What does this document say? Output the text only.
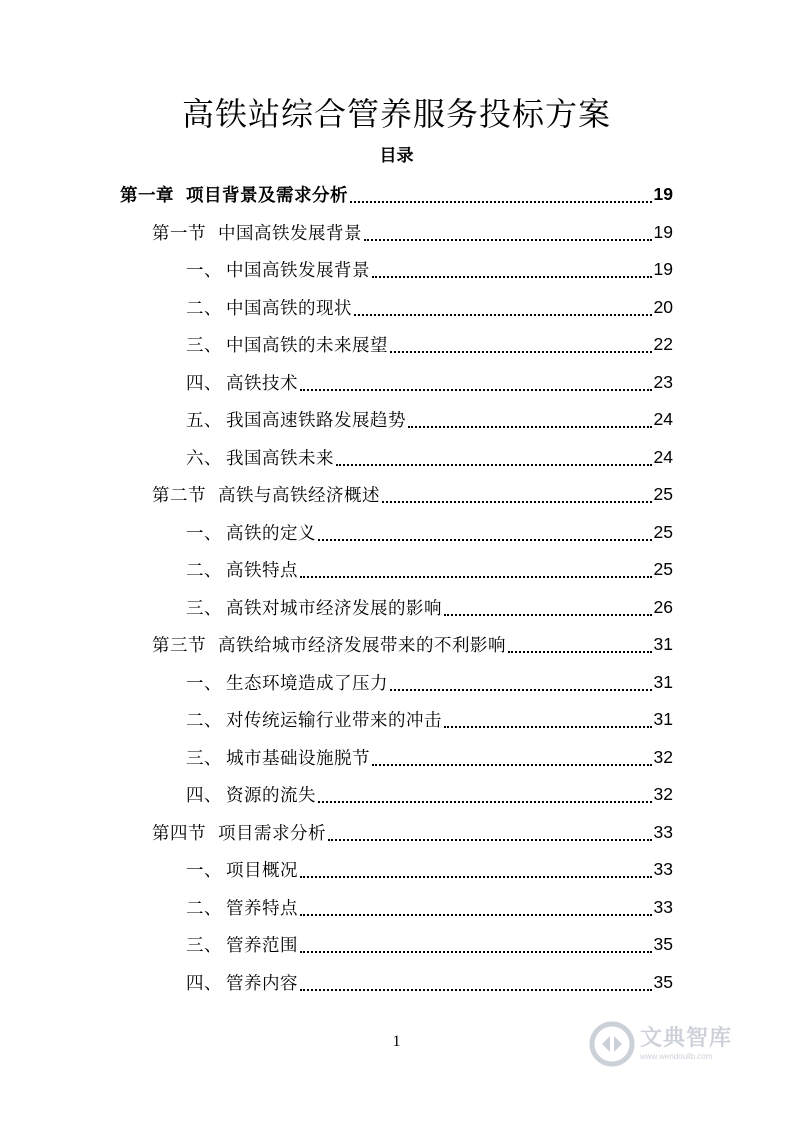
高铁站综合管养服务投标方案
目录
第一章 项目背景及需求分析	19
第一节 中国高铁发展背景	19
一、 中国高铁发展背景	19
二、 中国高铁的现状	20
三、 中国高铁的未来展望	22
四、 高铁技术	23
五、 我国高速铁路发展趋势	24
六、 我国高铁未来	24
第二节 高铁与高铁经济概述	25
一、 高铁的定义	25
二、 高铁特点	25
三、 高铁对城市经济发展的影响	26
第三节 高铁给城市经济发展带来的不利影响	31
一、 生态环境造成了压力	31
二、 对传统运输行业带来的冲击	31
三、 城市基础设施脱节	32
四、 资源的流失	32
第四节 项目需求分析	33
一、 项目概况	33
二、 管养特点	33
三、 管养范围	35
四、 管养内容	35
1	文典智库
www.wendoulib.com
